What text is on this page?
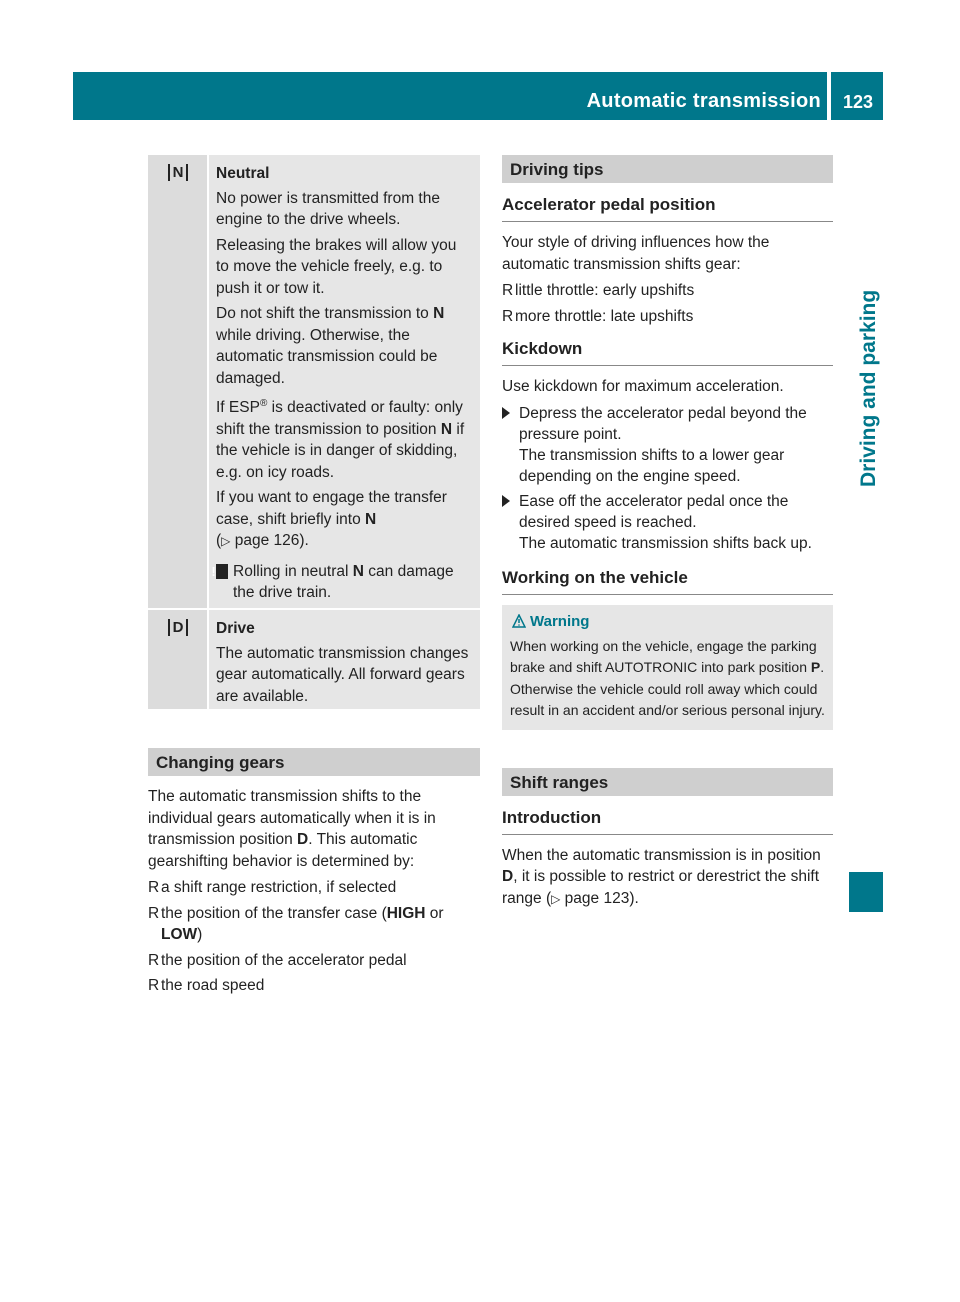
Automatic transmission 123
Driving and parking
N Neutral

No power is transmitted from the engine to the drive wheels.

Releasing the brakes will allow you to move the vehicle freely, e.g. to push it or tow it.

Do not shift the transmission to N while driving. Otherwise, the automatic transmission could be damaged.

If ESP® is deactivated or faulty: only shift the transmission to position N if the vehicle is in danger of skidding, e.g. on icy roads.

If you want to engage the transfer case, shift briefly into N
(▷ page 126).

! Rolling in neutral N can damage the drive train.

D Drive

The automatic transmission changes gear automatically. All forward gears are available.

Changing gears

The automatic transmission shifts to the individual gears automatically when it is in transmission position D. This automatic gearshifting behavior is determined by:

R a shift range restriction, if selected
R the position of the transfer case (HIGH or LOW)
R the position of the accelerator pedal
R the road speed
Driving tips
Accelerator pedal position

Your style of driving influences how the automatic transmission shifts gear:

R little throttle: early upshifts
R more throttle: late upshifts
Kickdown

Use kickdown for maximum acceleration.

Depress the accelerator pedal beyond the pressure point.
The transmission shifts to a lower gear depending on the engine speed.
Ease off the accelerator pedal once the desired speed is reached.
The automatic transmission shifts back up.
Working on the vehicle
Warning
When working on the vehicle, engage the parking brake and shift AUTOTRONIC into park position P. Otherwise the vehicle could roll away which could result in an accident and/or serious personal injury.
Shift ranges
Introduction

When the automatic transmission is in position D, it is possible to restrict or derestrict the shift range (▷ page 123).
